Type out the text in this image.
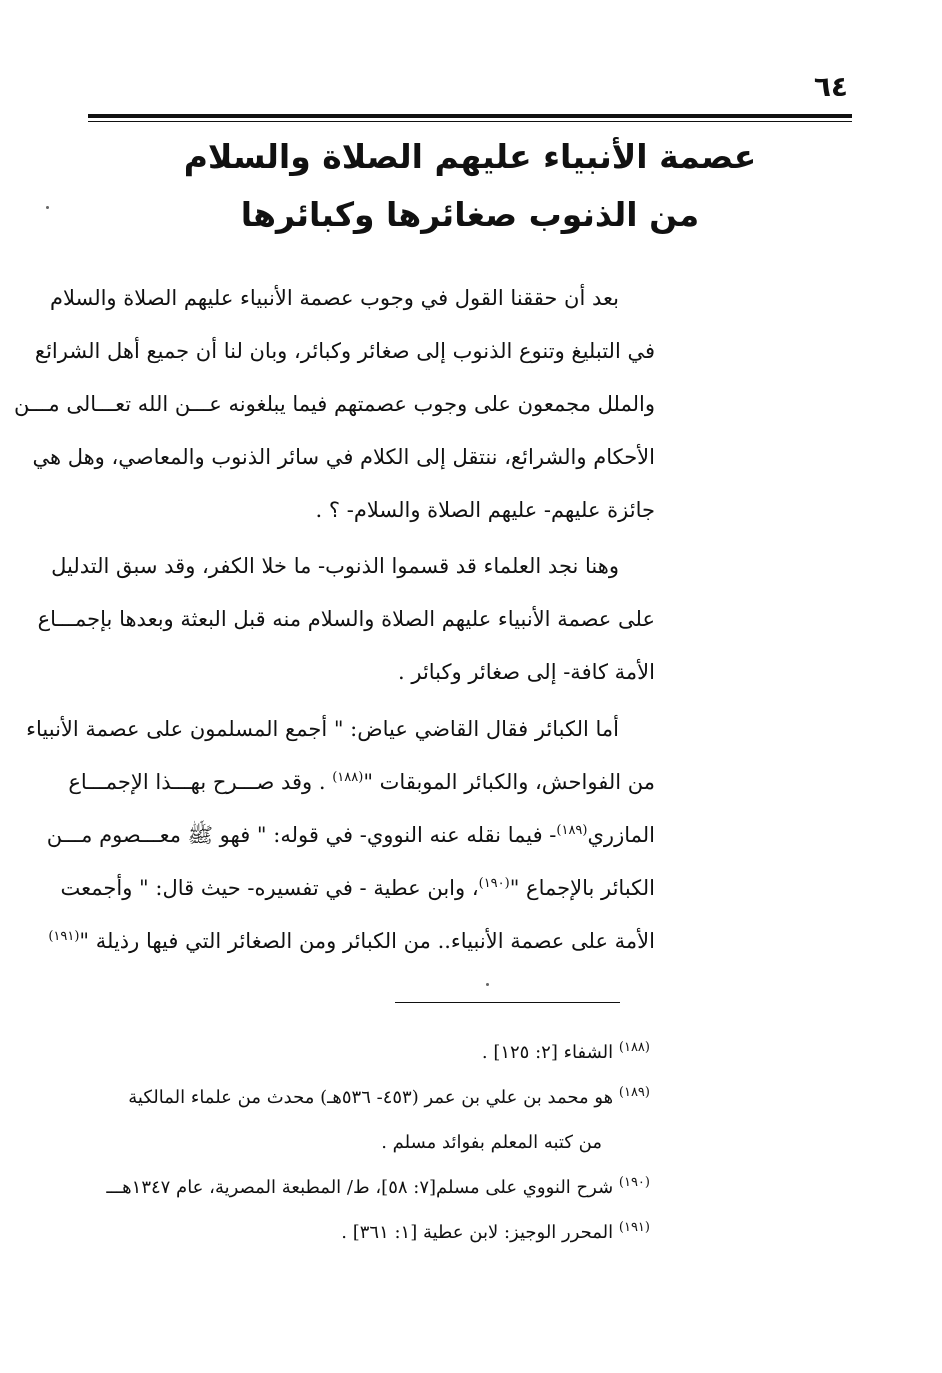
٦٤
عصمة الأنبياء عليهم الصلاة والسلام
من الذنوب صغائرها وكبائرها
بعد أن حققنا القول في وجوب عصمة الأنبياء عليهم الصلاة والسلام
في التبليغ وتنوع الذنوب إلى صغائر وكبائر، وبان لنا أن جميع أهل الشرائع
والملل مجمعون على وجوب عصمتهم فيما يبلغونه عـــن الله تعـــالى مـــن
الأحكام والشرائع، ننتقل إلى الكلام في سائر الذنوب والمعاصي، وهل هي
جائزة عليهم- عليهم الصلاة والسلام- ؟ .
وهنا نجد العلماء قد قسموا الذنوب- ما خلا الكفر، وقد سبق التدليل
على عصمة الأنبياء عليهم الصلاة والسلام منه قبل البعثة وبعدها بإجمـــاع
الأمة كافة- إلى صغائر وكبائر .
أما الكبائر فقال القاضي عياض: " أجمع المسلمون على عصمة الأنبياء
من الفواحش، والكبائر الموبقات "$^{(١٨٨)}$ . وقد صـــرح بهـــذا الإجمـــاع
المازري$^{(١٨٩)}$- فيما نقله عنه النووي- في قوله: " فهو ﷺ معـــصوم مـــن
الكبائر بالإجماع "$^{(١٩٠)}$، وابن عطية - في تفسيره- حيث قال: " وأجمعت
الأمة على عصمة الأنبياء.. من الكبائر ومن الصغائر التي فيها رذيلة "$^{(١٩١)}$
$^{(١٨٨)}$ الشفاء [٢: ١٢٥] .
$^{(١٨٩)}$ هو محمد بن علي بن عمر (٤٥٣- ٥٣٦هـ) محدث من علماء المالكية
من كتبه المعلم بفوائد مسلم .
$^{(١٩٠)}$ شرح النووي على مسلم[٧: ٥٨]، ط/ المطبعة المصرية، عام ١٣٤٧هـــ
$^{(١٩١)}$ المحرر الوجيز: لابن عطية [١: ٣٦١] .
